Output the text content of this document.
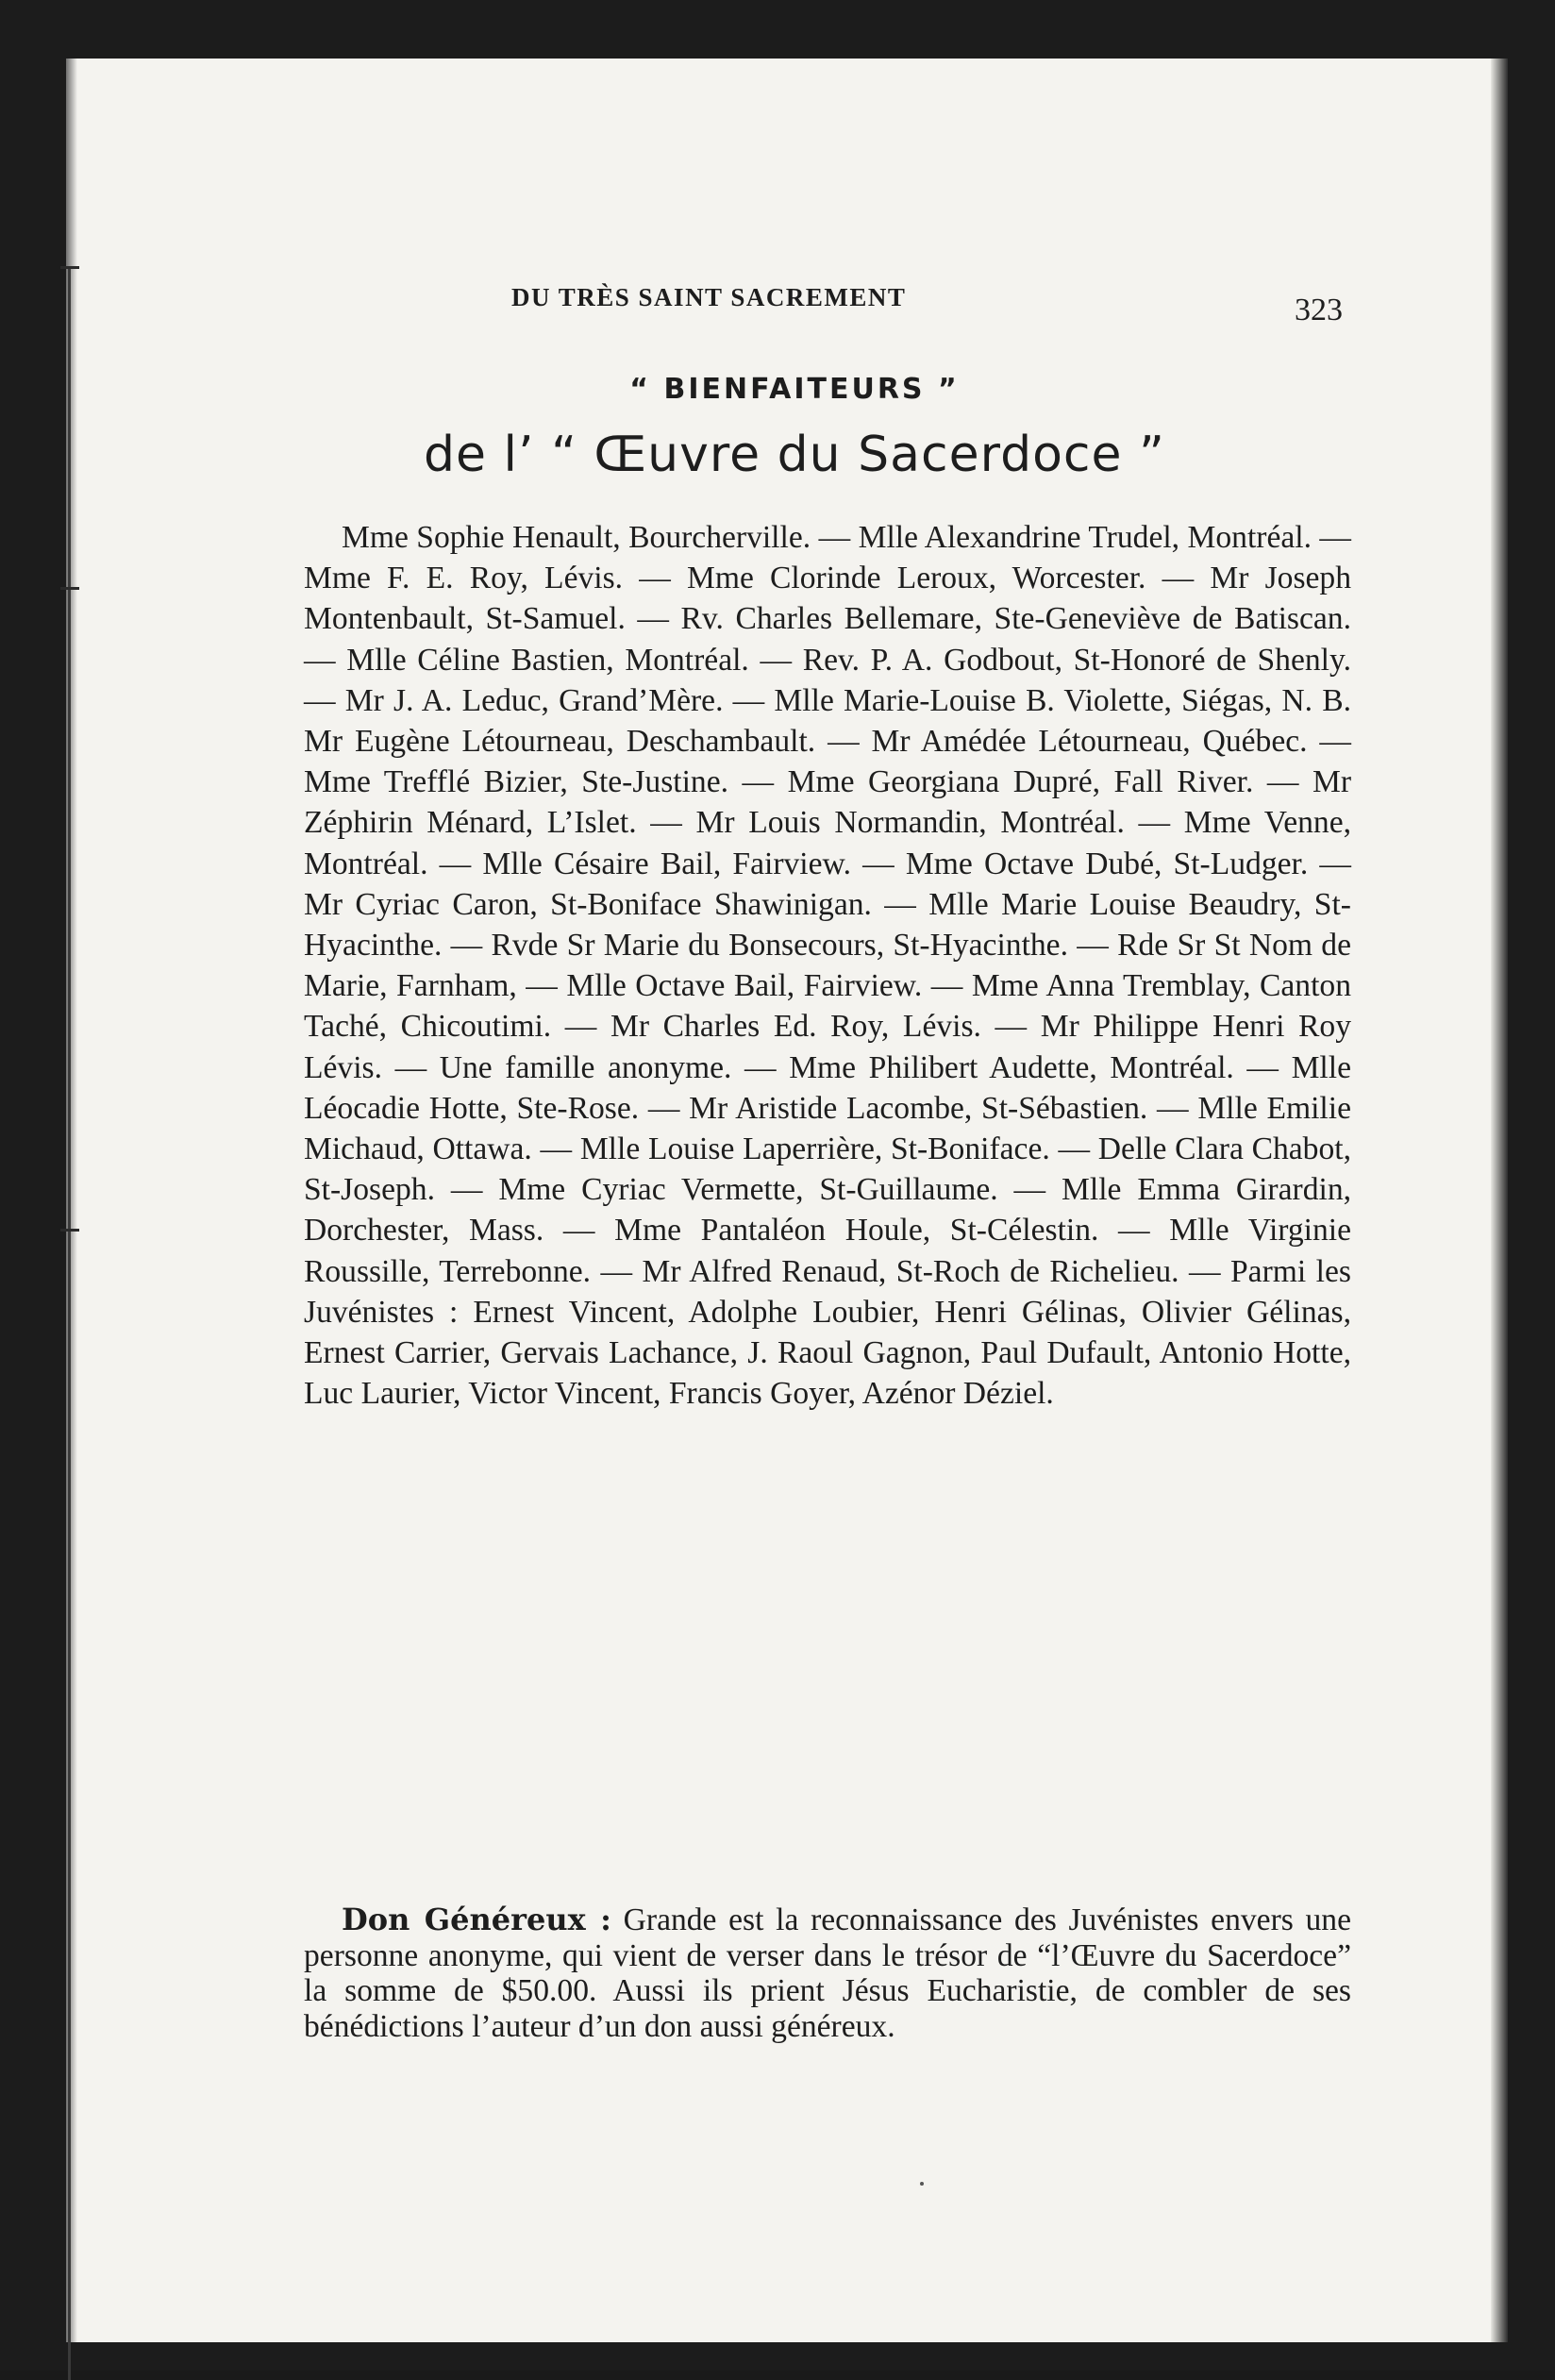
DU TRÈS SAINT SACREMENT	323
“ BIENFAITEURS ”
de l’ “ Œuvre du Sacerdoce ”

Mme Sophie Henault, Bourcherville. — Mlle Alexandrine Trudel, Montréal. — Mme F. E. Roy, Lévis. — Mme Clorinde Leroux, Worcester. — Mr Joseph Montenbault, St-Samuel. — Rv. Charles Bellemare, Ste-Geneviève de Batiscan. — Mlle Céline Bastien, Montréal. — Rev. P. A. Godbout, St-Honoré de Shenly. — Mr J. A. Leduc, Grand’Mère. — Mlle Marie-Louise B. Violette, Siégas, N. B. Mr Eugène Létourneau, Deschambault. — Mr Amédée Létourneau, Québec. — Mme Trefflé Bizier, Ste-Justine. — Mme Georgiana Dupré, Fall River. — Mr Zéphirin Ménard, L’Islet. — Mr Louis Normandin, Montréal. — Mme Venne, Montréal. — Mlle Césaire Bail, Fairview. — Mme Octave Dubé, St-Ludger. — Mr Cyriac Caron, St-Boniface Shawinigan. — Mlle Marie Louise Beaudry, St-Hyacinthe. — Rvde Sr Marie du Bonsecours, St-Hyacinthe. — Rde Sr St Nom de Marie, Farnham, — Mlle Octave Bail, Fairview. — Mme Anna Tremblay, Canton Taché, Chicoutimi. — Mr Charles Ed. Roy, Lévis. — Mr Philippe Henri Roy Lévis. — Une famille anonyme. — Mme Philibert Audette, Montréal. — Mlle Léocadie Hotte, Ste-Rose. — Mr Aristide Lacombe, St-Sébastien. — Mlle Emilie Michaud, Ottawa. — Mlle Louise Laperrière, St-Boniface. — Delle Clara Chabot, St-Joseph. — Mme Cyriac Vermette, St-Guillaume. — Mlle Emma Girardin, Dorchester, Mass. — Mme Pantaléon Houle, St-Célestin. — Mlle Virginie Roussille, Terrebonne. — Mr Alfred Renaud, St-Roch de Richelieu. — Parmi les Juvénistes : Ernest Vincent, Adolphe Loubier, Henri Gélinas, Olivier Gélinas, Ernest Carrier, Gervais Lachance, J. Raoul Gagnon, Paul Dufault, Antonio Hotte, Luc Laurier, Victor Vincent, Francis Goyer, Azénor Déziel.

Don Généreux : Grande est la reconnaissance des Juvénistes envers une personne anonyme, qui vient de verser dans le trésor de “l’Œuvre du Sacerdoce” la somme de $50.00. Aussi ils prient Jésus Eucharistie, de combler de ses bénédictions l’auteur d’un don aussi généreux.
